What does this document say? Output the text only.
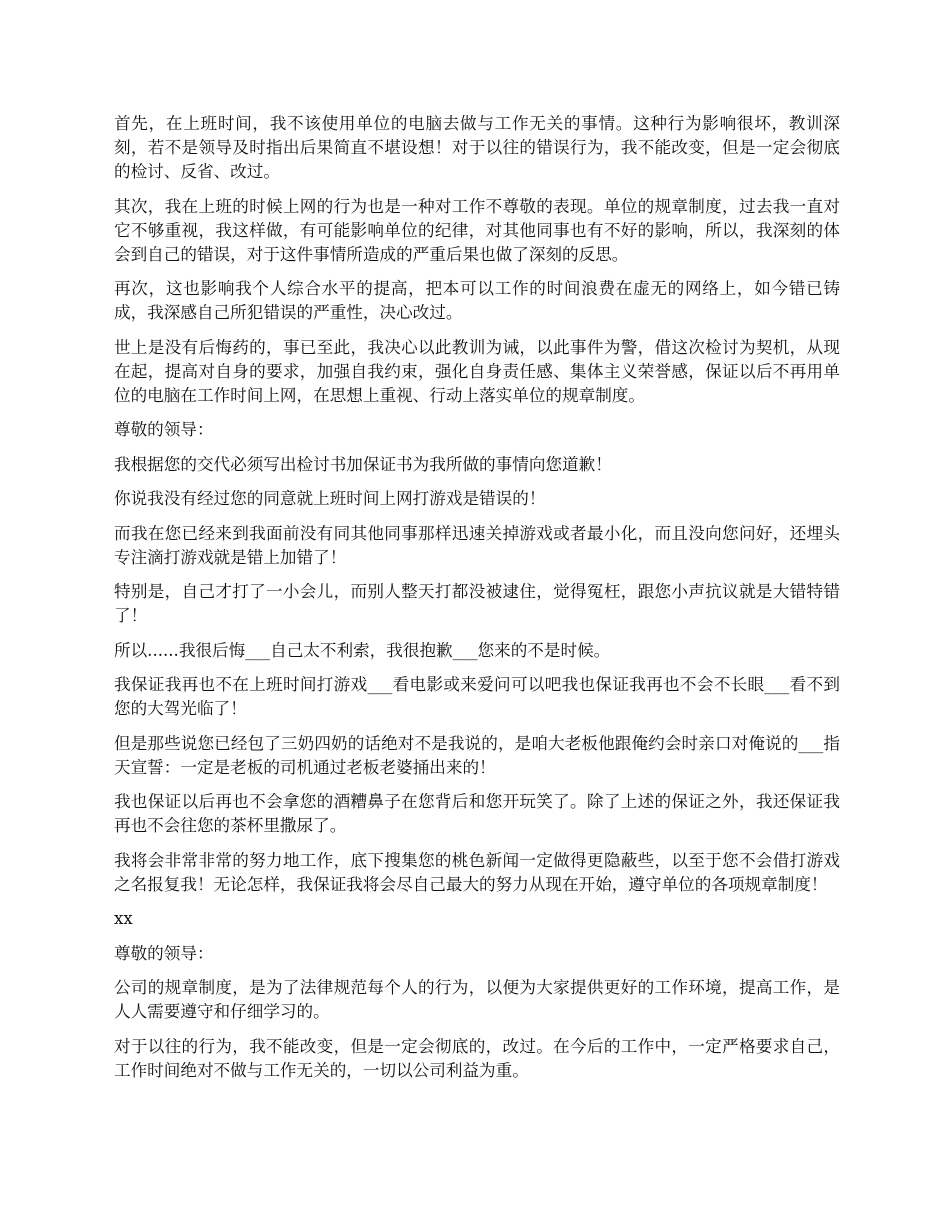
首先，在上班时间，我不该使用单位的电脑去做与工作无关的事情。这种行为影响很坏，教训深刻，若不是领导及时指出后果简直不堪设想！对于以往的错误行为，我不能改变，但是一定会彻底的检讨、反省、改过。

其次，我在上班的时候上网的行为也是一种对工作不尊敬的表现。单位的规章制度，过去我一直对它不够重视，我这样做，有可能影响单位的纪律，对其他同事也有不好的影响，所以，我深刻的体会到自己的错误，对于这件事情所造成的严重后果也做了深刻的反思。

再次，这也影响我个人综合水平的提高，把本可以工作的时间浪费在虚无的网络上，如今错已铸成，我深感自己所犯错误的严重性，决心改过。

世上是没有后悔药的，事已至此，我决心以此教训为诫，以此事件为警，借这次检讨为契机，从现在起，提高对自身的要求，加强自我约束，强化自身责任感、集体主义荣誉感，保证以后不再用单位的电脑在工作时间上网，在思想上重视、行动上落实单位的规章制度。

尊敬的领导：

我根据您的交代必须写出检讨书加保证书为我所做的事情向您道歉！

你说我没有经过您的同意就上班时间上网打游戏是错误的！

而我在您已经来到我面前没有同其他同事那样迅速关掉游戏或者最小化，而且没向您问好，还埋头专注滴打游戏就是错上加错了！

特别是，自己才打了一小会儿，而别人整天打都没被逮住，觉得冤枉，跟您小声抗议就是大错特错了！

所以......我很后悔___自己太不利索，我很抱歉___您来的不是时候。

我保证我再也不在上班时间打游戏___看电影或来爱问可以吧我也保证我再也不会不长眼___看不到您的大驾光临了！

但是那些说您已经包了三奶四奶的话绝对不是我说的，是咱大老板他跟俺约会时亲口对俺说的___指天宣誓：一定是老板的司机通过老板老婆捅出来的！

我也保证以后再也不会拿您的酒糟鼻子在您背后和您开玩笑了。除了上述的保证之外，我还保证我再也不会往您的茶杯里撒尿了。

我将会非常非常的努力地工作，底下搜集您的桃色新闻一定做得更隐蔽些，以至于您不会借打游戏之名报复我！无论怎样，我保证我将会尽自己最大的努力从现在开始，遵守单位的各项规章制度！

xx

尊敬的领导：

公司的规章制度，是为了法律规范每个人的行为，以便为大家提供更好的工作环境，提高工作，是人人需要遵守和仔细学习的。

对于以往的行为，我不能改变，但是一定会彻底的，改过。在今后的工作中，一定严格要求自己，工作时间绝对不做与工作无关的，一切以公司利益为重。
